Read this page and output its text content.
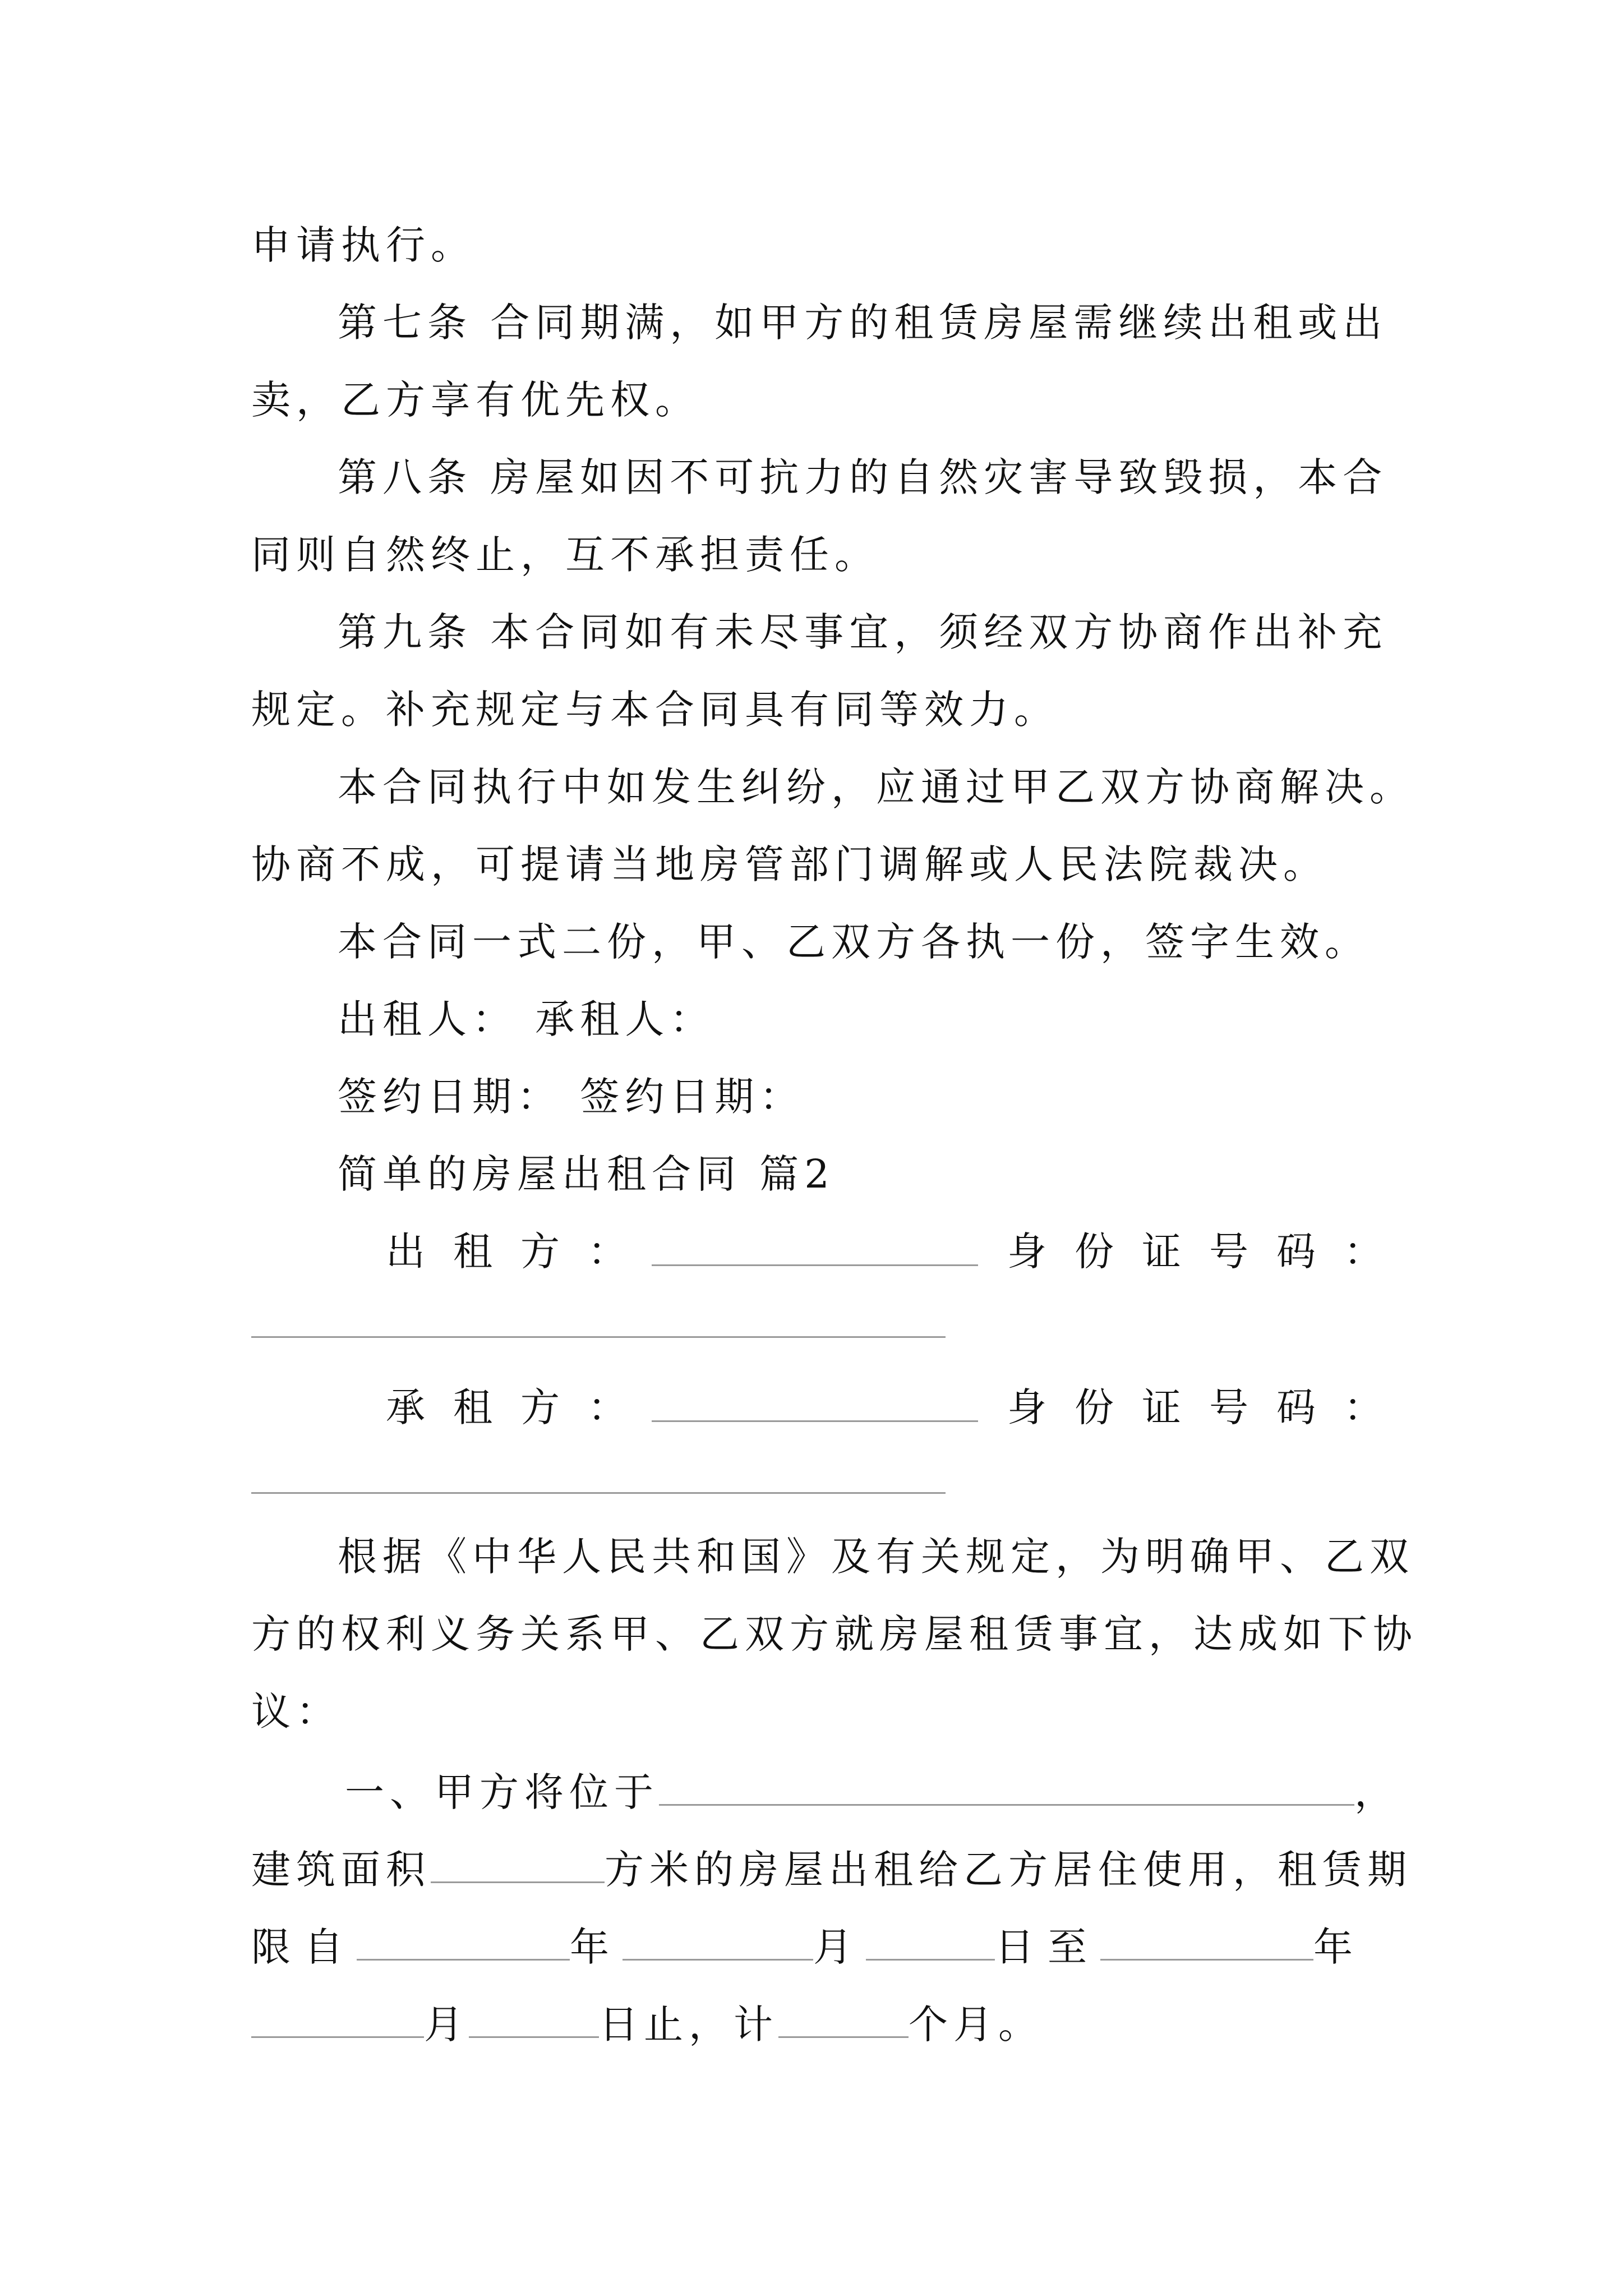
申请执行。
第七条 合同期满，如甲方的租赁房屋需继续出租或出
卖，乙方享有优先权。
第八条 房屋如因不可抗力的自然灾害导致毁损，本合
同则自然终止，互不承担责任。
第九条 本合同如有未尽事宜，须经双方协商作出补充
规定。补充规定与本合同具有同等效力。
本合同执行中如发生纠纷，应通过甲乙双方协商解决。
协商不成，可提请当地房管部门调解或人民法院裁决。
本合同一式二份，甲、乙双方各执一份，签字生效。
出租人： 承租人：
签约日期： 签约日期：
简单的房屋出租合同 篇2
出租方：	身份证号码：
承租方：	身份证号码：
根据《中华人民共和国》及有关规定，为明确甲、乙双
方的权利义务关系甲、乙双方就房屋租赁事宜，达成如下协
议：
一、甲方将位于	，
建筑面积	方米的房屋出租给乙方居住使用，租赁期
限自	年	月	日至	年
月	日止，计	个月。
